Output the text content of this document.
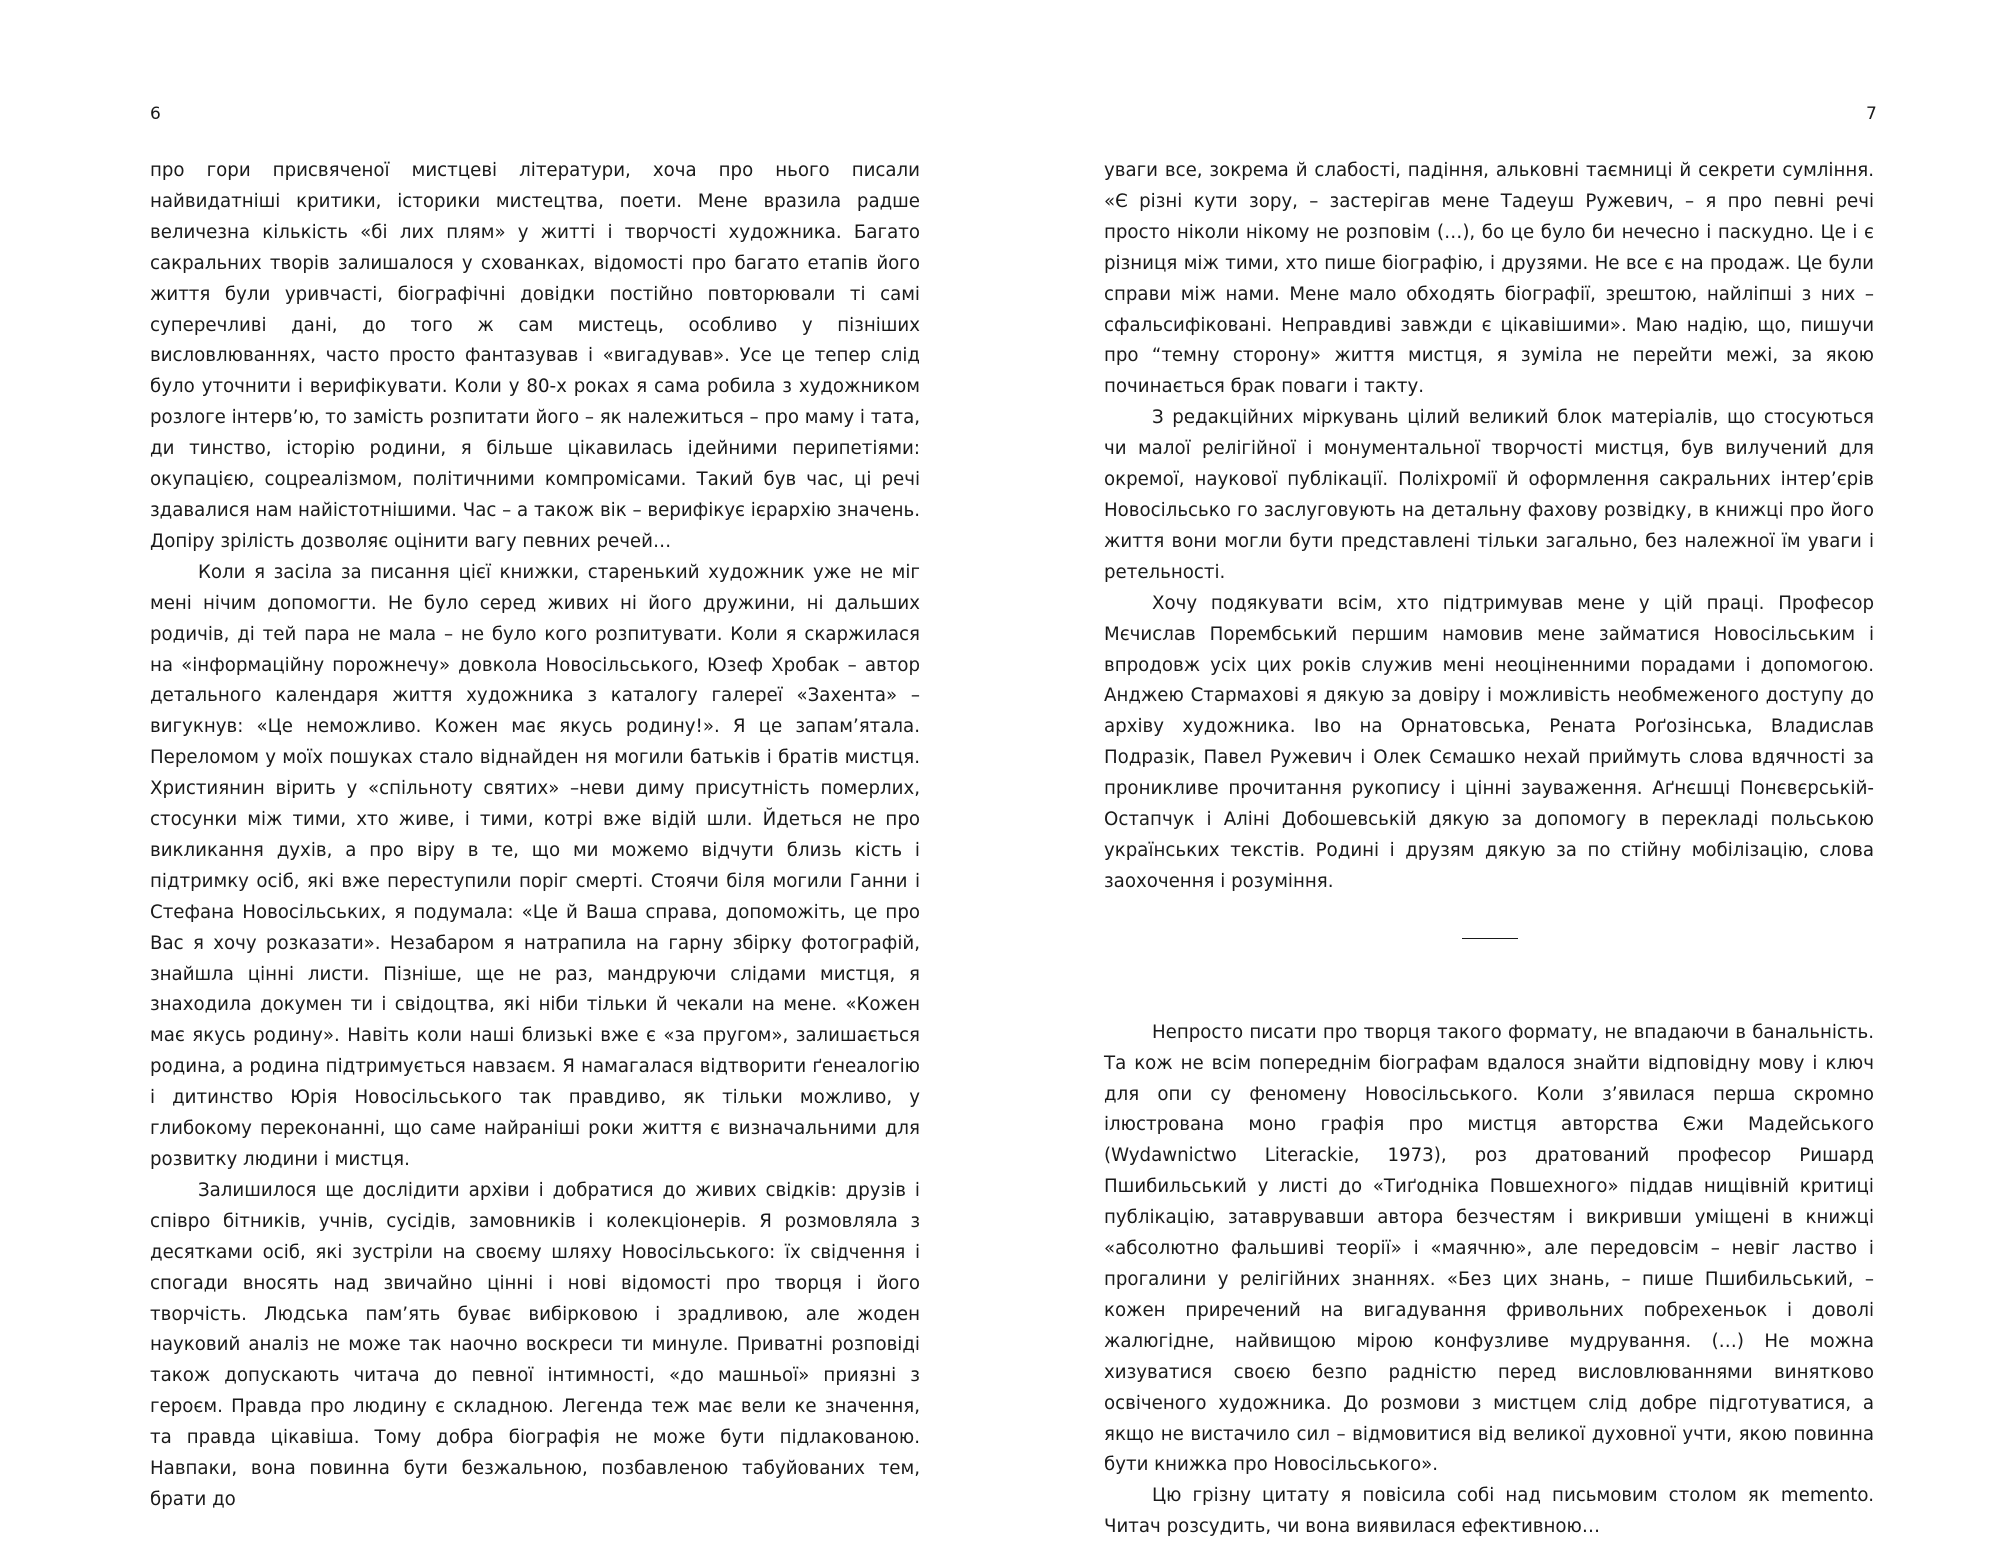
6

про гори присвяченої мистцеві літератури, хоча про нього писали найвидатніші критики, історики мистецтва, поети. Мене вразила радше величезна кількість «бі лих плям» у житті і творчості художника. Багато сакральних творів залишалося у схованках, відомості про багато етапів його життя були уривчасті, біографічні довідки постійно повторювали ті самі суперечливі дані, до того ж сам мистець, особливо у пізніших висловлюваннях, часто просто фантазував і «вигадував». Усе це тепер слід було уточнити і верифікувати. Коли у 80-х роках я сама робила з художником розлоге інтерв’ю, то замість розпитати його – як належиться – про маму і тата, ди тинство, історію родини, я більше цікавилась ідейними перипетіями: окупацією, соцреалізмом, політичними компромісами. Такий був час, ці речі здавалися нам найістотнішими. Час – а також вік – верифікує ієрархію значень. Допіру зрілість дозволяє оцінити вагу певних речей…

Коли я засіла за писання цієї книжки, старенький художник уже не міг мені нічим допомогти. Не було серед живих ні його дружини, ні дальших родичів, ді тей пара не мала – не було кого розпитувати. Коли я скаржилася на «інформаційну порожнечу» довкола Новосільського, Юзеф Хробак – автор детального календаря життя художника з каталогу галереї «Захента» – вигукнув: «Це неможливо. Кожен має якусь родину!». Я це запам’ятала. Переломом у моїх пошуках стало віднайден ня могили батьків і братів мистця. Християнин вірить у «спільноту святих» –неви диму присутність померлих, стосунки між тими, хто живе, і тими, котрі вже відій шли. Йдеться не про викликання духів, а про віру в те, що ми можемо відчути близь кість і підтримку осіб, які вже переступили поріг смерті. Стоячи біля могили Ганни і Стефана Новосільських, я подумала: «Це й Ваша справа, допоможіть, це про Вас я хочу розказати». Незабаром я натрапила на гарну збірку фотографій, знайшла цінні листи. Пізніше, ще не раз, мандруючи слідами мистця, я знаходила докумен ти і свідоцтва, які ніби тільки й чекали на мене. «Кожен має якусь родину». Навіть коли наші близькі вже є «за пругом», залишається родина, а родина підтримується навзаєм. Я намагалася відтворити ґенеалогію і дитинство Юрія Новосільського так правдиво, як тільки можливо, у глибокому переконанні, що саме найраніші роки життя є визначальними для розвитку людини і мистця.

Залишилося ще дослідити архіви і добратися до живих свідків: друзів і співро бітників, учнів, сусідів, замовників і колекціонерів. Я розмовляла з десятками осіб, які зустріли на своєму шляху Новосільського: їх свідчення і спогади вносять над звичайно цінні і нові відомості про творця і його творчість. Людська пам’ять буває вибірковою і зрадливою, але жоден науковий аналіз не може так наочно воскреси ти минуле. Приватні розповіді також допускають читача до певної інтимності, «до машньої» приязні з героєм. Правда про людину є складною. Легенда теж має вели ке значення, та правда цікавіша. Тому добра біографія не може бути підлакованою. Навпаки, вона повинна бути безжальною, позбавленою табуйованих тем, брати до

7

уваги все, зокрема й слабості, падіння, альковні таємниці й секрети сумління. «Є різні кути зору, – застерігав мене Тадеуш Ружевич, – я про певні речі просто ніколи нікому не розповім (…), бо це було би нечесно і паскудно. Це і є різниця між тими, хто пише біографію, і друзями. Не все є на продаж. Це були справи між нами. Мене мало обходять біографії, зрештою, найліпші з них – сфальсифіковані. Неправдиві завжди є цікавішими». Маю надію, що, пишучи про “темну сторону» життя мистця, я зуміла не перейти межі, за якою починається брак поваги і такту.

З редакційних міркувань цілий великий блок матеріалів, що стосуються чи малої релігійної і монументальної творчості мистця, був вилучений для окремої, наукової публікації. Поліхромії й оформлення сакральних інтер’єрів Новосільсько го заслуговують на детальну фахову розвідку, в книжці про його життя вони могли бути представлені тільки загально, без належної їм уваги і ретельності.

Хочу подякувати всім, хто підтримував мене у цій праці. Професор Мєчислав Порембський першим намовив мене займатися Новосільським і впродовж усіх цих років служив мені неоціненними порадами і допомогою. Анджею Стармахові я дякую за довіру і можливість необмеженого доступу до архіву художника. Іво на Орнатовська, Рената Роґозінська, Владислав Подразік, Павел Ружевич і Олек Сємашко нехай приймуть слова вдячності за проникливе прочитання рукопису і цінні зауваження. Аґнєшці Понєвєрській-Остапчук і Аліні Добошевській дякую за допомогу в перекладі польською українських текстів. Родині і друзям дякую за по стійну мобілізацію, слова заохочення і розуміння.

Непросто писати про творця такого формату, не впадаючи в банальність. Та кож не всім попереднім біографам вдалося знайти відповідну мову і ключ для опи су феномену Новосільського. Коли з’явилася перша скромно ілюстрована моно графія про мистця авторства Єжи Мадейського (Wydawnictwo Literackie, 1973), роз дратований професор Ришард Пшибильський у листі до «Тиґодніка Повшехного» піддав нищівній критиці публікацію, затаврувавши автора безчестям і викривши уміщені в книжці «абсолютно фальшиві теорії» і «маячню», але передовсім – невіг ластво і прогалини у релігійних знаннях. «Без цих знань, – пише Пшибильський, – кожен приречений на вигадування фривольних побрехеньок і доволі жалюгідне, найвищою мірою конфузливе мудрування. (…) Не можна хизуватися своєю безпо радністю перед висловлюваннями винятково освіченого художника. До розмови з мистцем слід добре підготуватися, а якщо не вистачило сил – відмовитися від великої духовної учти, якою повинна бути книжка про Новосільського».

Цю грізну цитату я повісила собі над письмовим столом як memento. Читач розсудить, чи вона виявилася ефективною…
